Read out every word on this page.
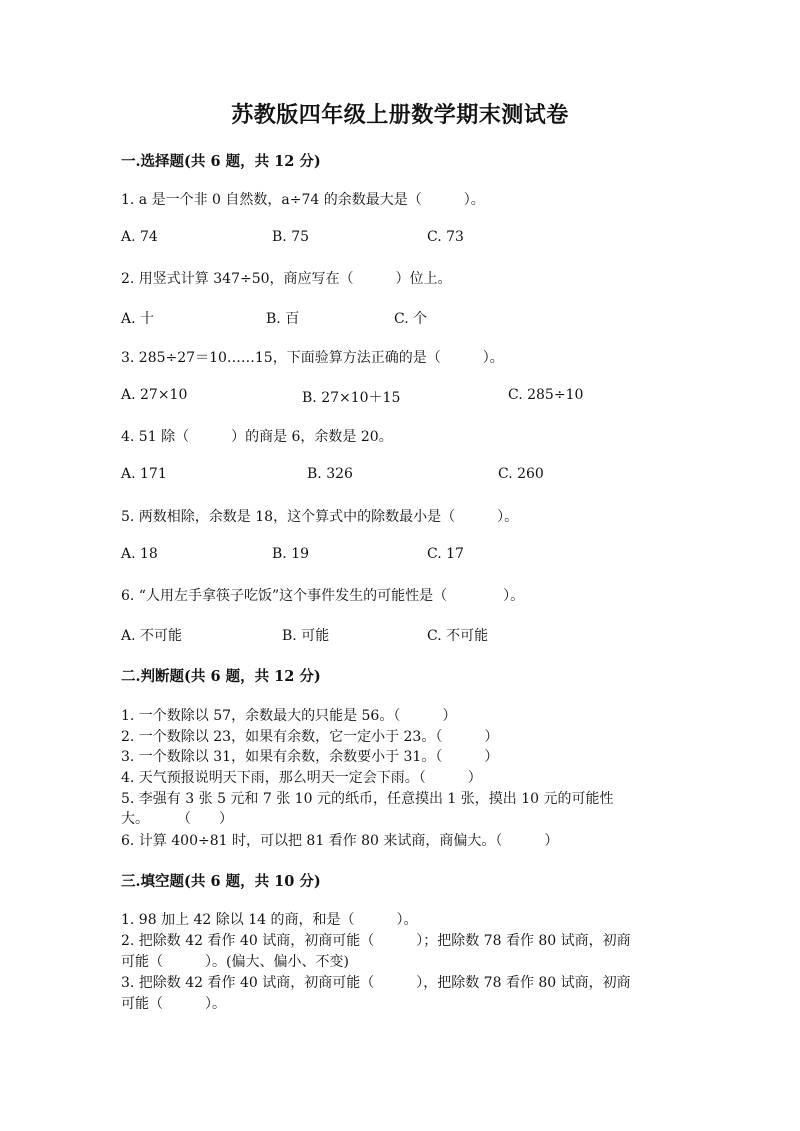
苏教版四年级上册数学期末测试卷
一.选择题(共 6 题，共 12 分)
1. a 是一个非 0 自然数，a÷74 的余数最大是（　　　）。
A. 74	B. 75	C. 73
2. 用竖式计算 347÷50，商应写在（　　　）位上。
A. 十	B. 百	C. 个
3. 285÷27＝10……15，下面验算方法正确的是（　　　）。
A. 27×10	B. 27×10＋15	C. 285÷10
4. 51 除（　　　）的商是 6，余数是 20。
A. 171	B. 326	C. 260
5. 两数相除，余数是 18，这个算式中的除数最小是（　　　）。
A. 18	B. 19	C. 17
6. “人用左手拿筷子吃饭”这个事件发生的可能性是（　　　　）。
A. 不可能	B. 可能	C. 不可能
二.判断题(共 6 题，共 12 分)
1. 一个数除以 57，余数最大的只能是 56。（　　　）
2. 一个数除以 23，如果有余数，它一定小于 23。（　　　）
3. 一个数除以 31，如果有余数，余数要小于 31。（　　　）
4. 天气预报说明天下雨，那么明天一定会下雨。（　　　）
5. 李强有 3 张 5 元和 7 张 10 元的纸币，任意摸出 1 张，摸出 10 元的可能性
大。　　　（　　）
6. 计算 400÷81 时，可以把 81 看作 80 来试商，商偏大。（　　　）
三.填空题(共 6 题，共 10 分)
1. 98 加上 42 除以 14 的商，和是（　　　）。
2. 把除数 42 看作 40 试商，初商可能（　　　）；把除数 78 看作 80 试商，初商
可能（　　　）。(偏大、偏小、不变)
3. 把除数 42 看作 40 试商，初商可能（　　　），把除数 78 看作 80 试商，初商
可能（　　　）。
